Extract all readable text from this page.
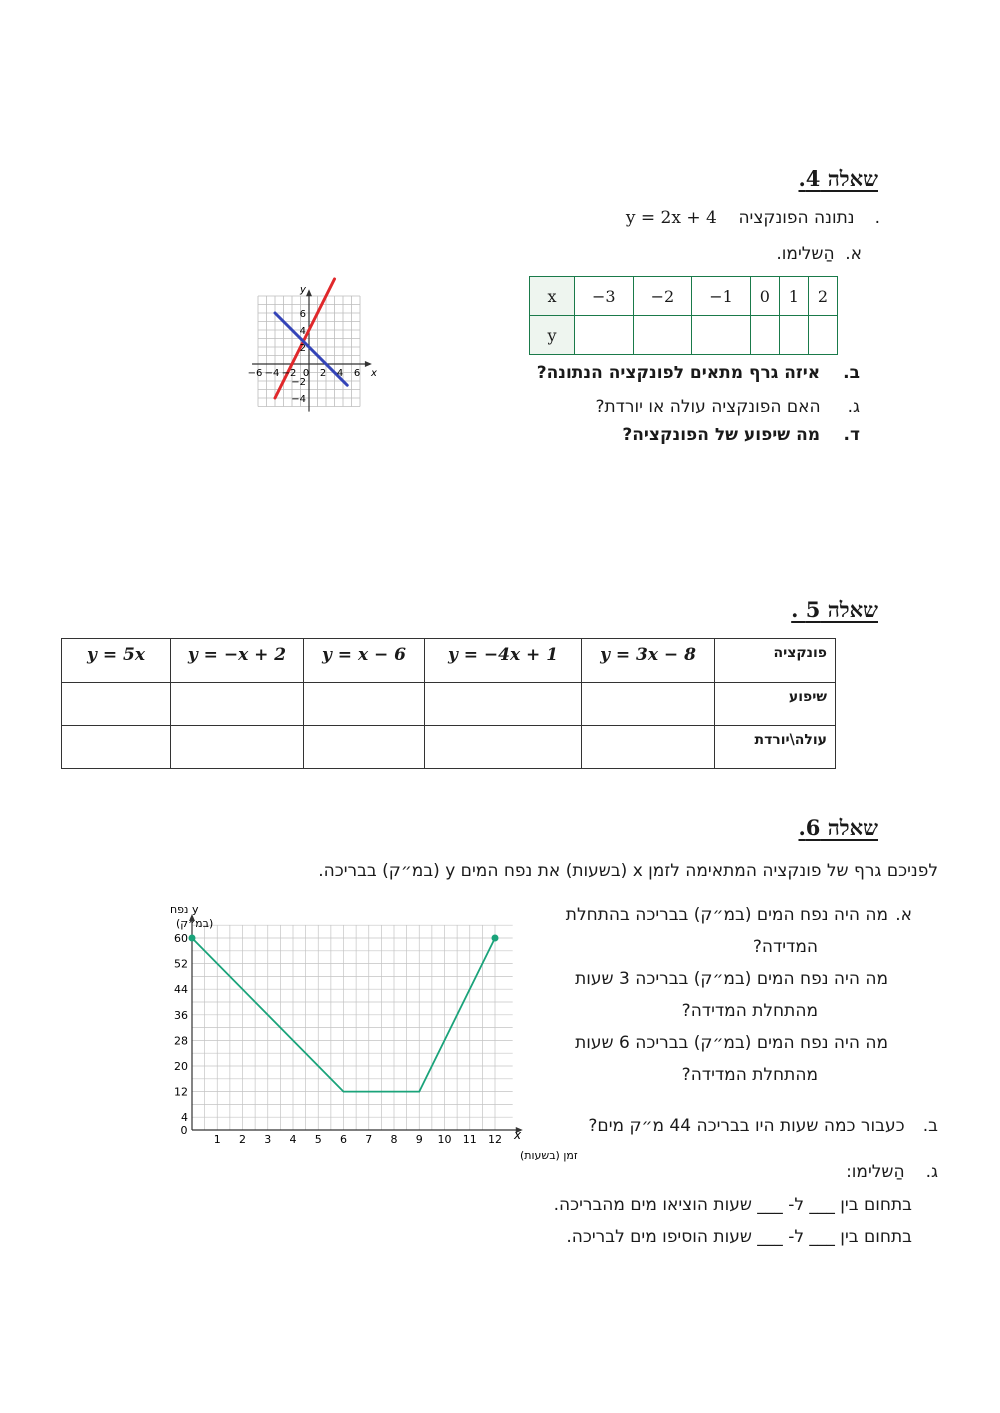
שאלה 4.
. נתונה הפונקציה    y = 2x + 4
א. הַשלימו.
x	−3	−2	−1	0	1	2
y						
ב. איזה גרף מתאים לפונקציה הנתונה?
ג. האם הפונקציה עולה או יורדת?
ד. מה שיפוע של הפונקציה?
x
y
−6 −4 −2 0 2 4 6
6
4
2
−2
−4
שאלה 5 .
y = 5x	y = −x + 2	y = x − 6	y = −4x + 1	y = 3x − 8	פונקציה
					שיפוע
					עולה\יורדת
שאלה 6.
לפניכם גרף של פונקציה המתאימה לזמן x (בשעות) את נפח המים y (במ״ק) בבריכה.
א.
מה היה נפח המים (במ״ק) בבריכה בהתחלת
המדידה?
מה היה נפח המים (במ״ק) בבריכה 3 שעות
מהתחלת המדידה?
מה היה נפח המים (במ״ק) בבריכה 6 שעות
מהתחלת המדידה?
ב. כעבור כמה שעות היו בבריכה 44 מ״ק מים?
ג. הַשלימו:
בתחום בין ___ ל- ___ שעות הוציאו מים מהבריכה.
בתחום בין ___ ל- ___ שעות הוסיפו מים לבריכה.
0
1 2 3 4 5 6 7 8 9 10 11 12
4
12
20
28
36
44
52
60
y נפח
(במ״ק)
x
זמן (בשעות)
